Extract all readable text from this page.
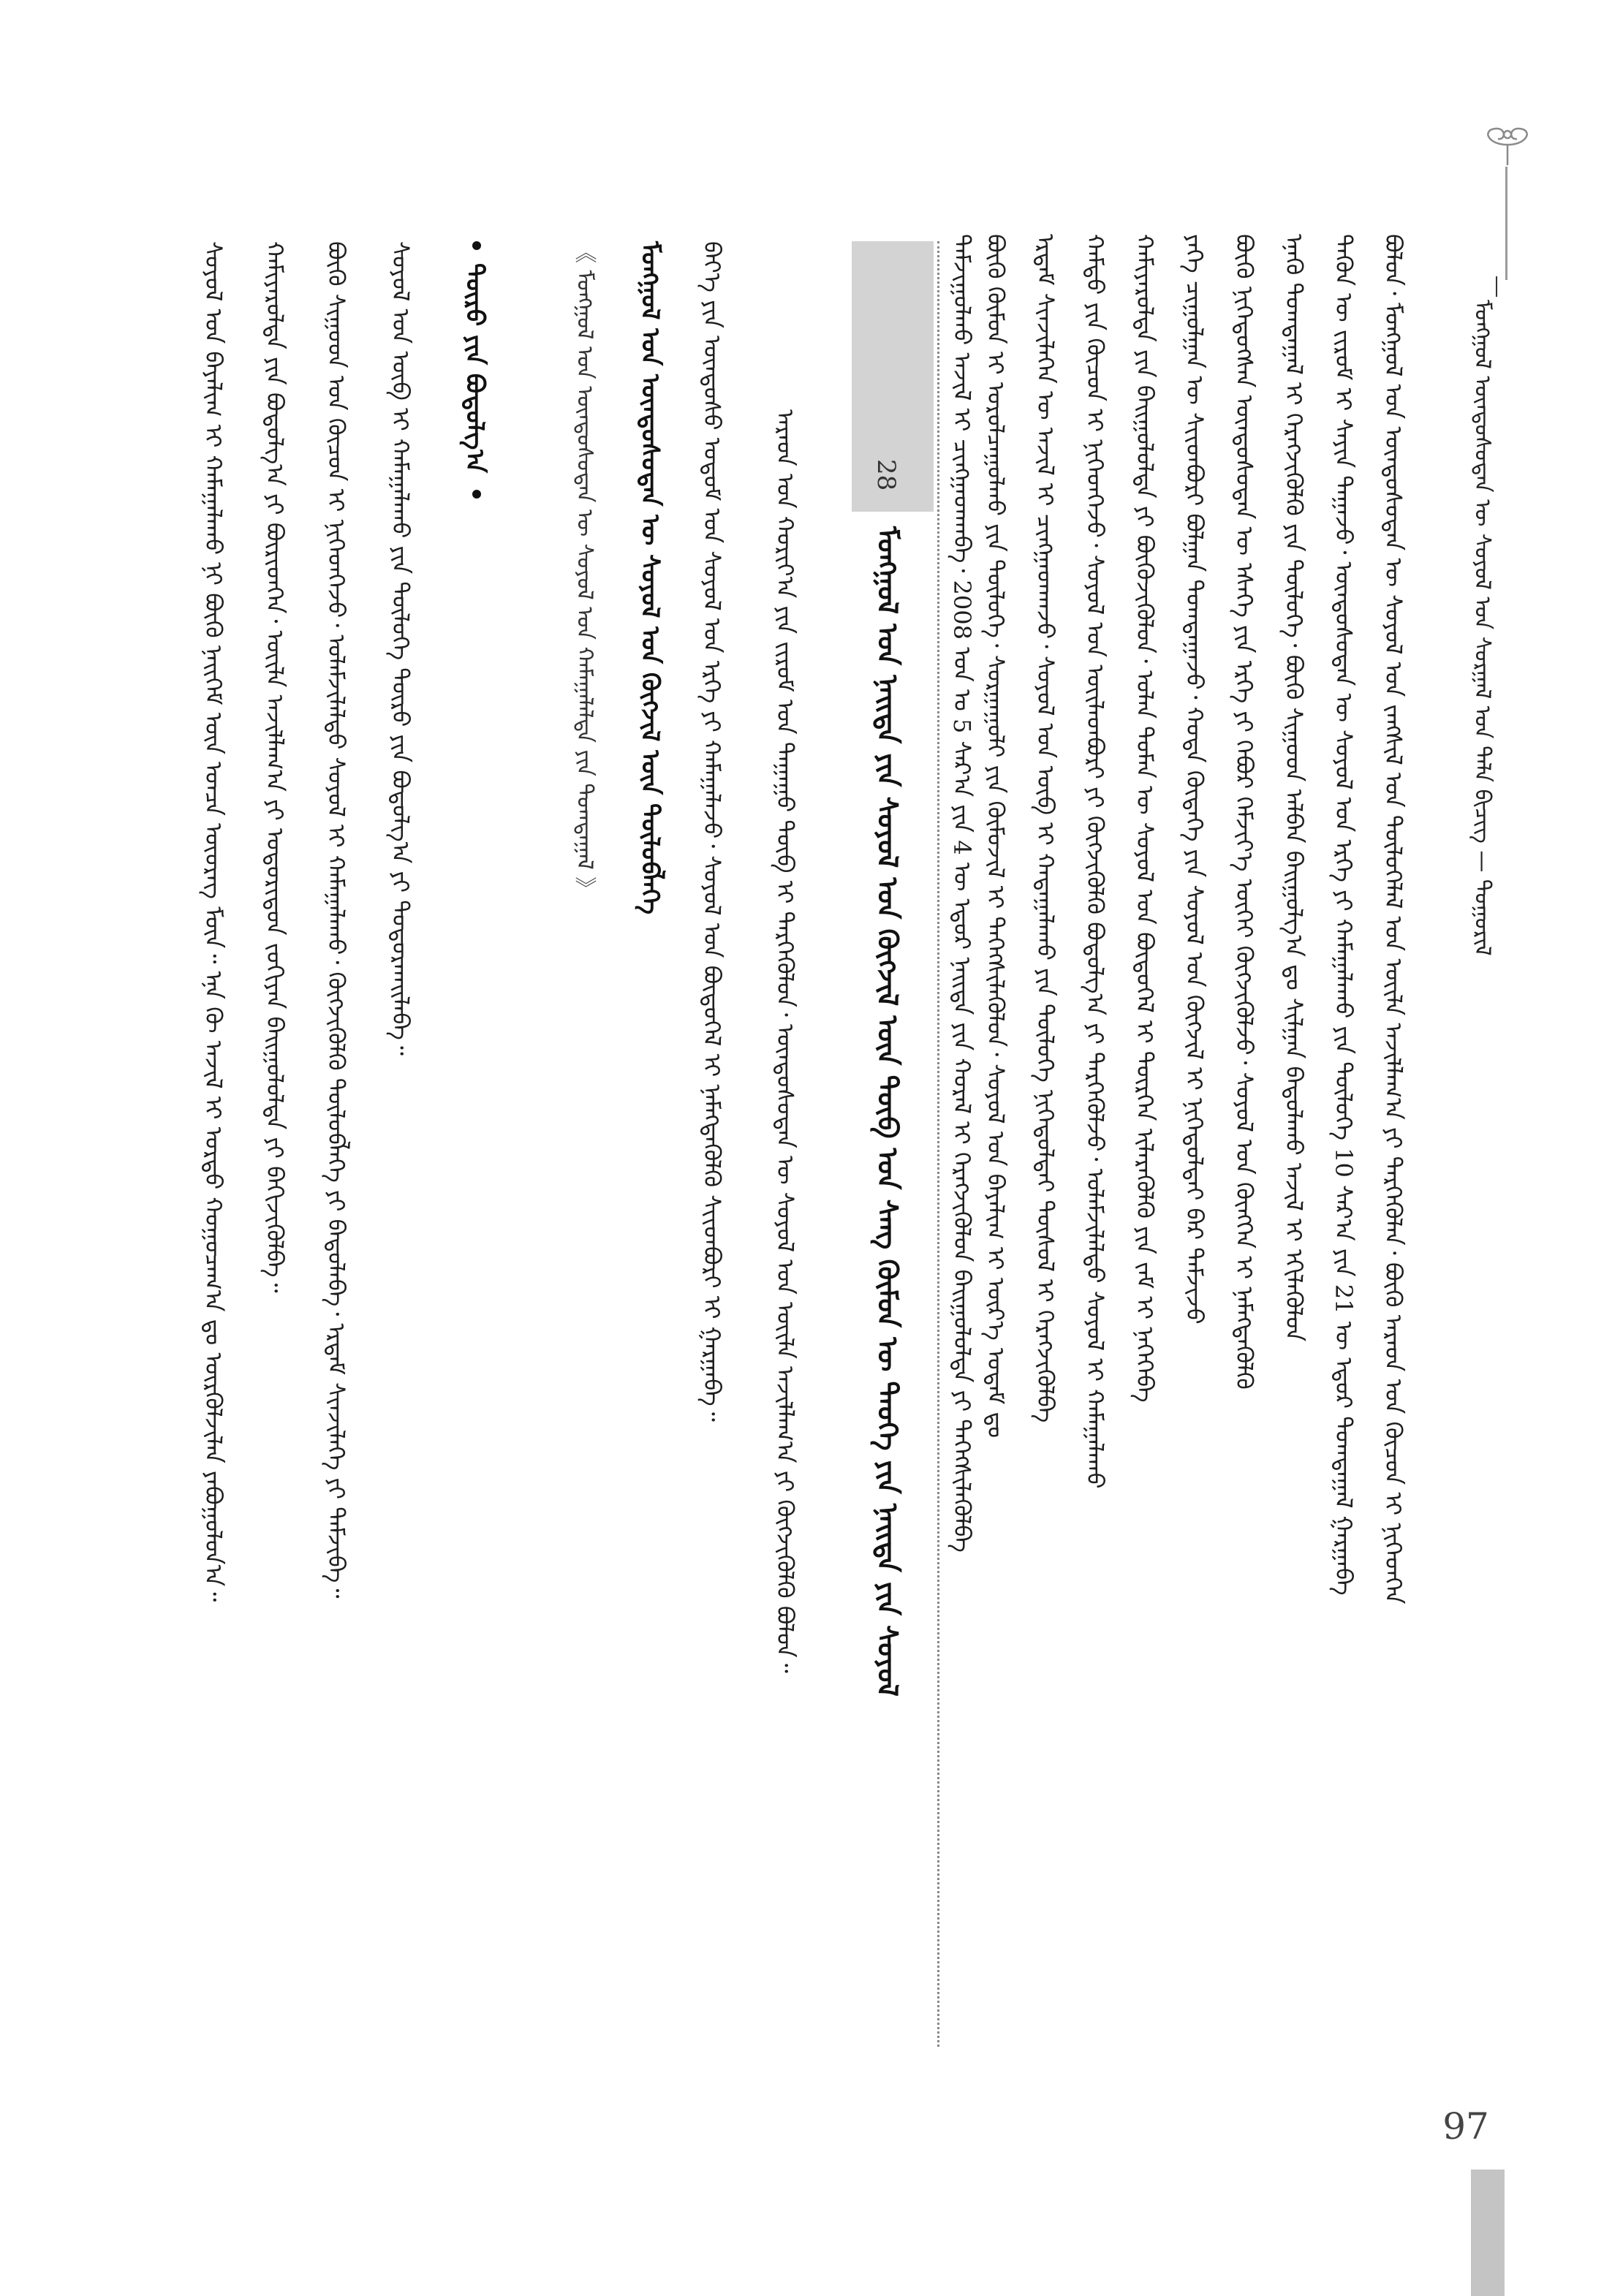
ᠮᠣᠩᠭᠣᠯ ᠦᠨᠳᠦᠰᠦᠲᠡᠨ ᠦ ᠰᠣᠶᠣᠯ ᠤᠨ ᠰᠤᠷᠭᠠᠯ ᠤᠨ ᠲᠡᠯᠡ ᠪᠢᠴᠢᠭ — ᠲᠤᠭᠤᠷᠢᠯ
ᠪᠣᠯᠤᠨ᠂ ᠮᠣᠩᠭᠣᠯ ᠤᠨ ᠦᠨᠳᠦᠰᠦᠲᠡᠨ ᠦ ᠰᠣᠶᠣᠯ ᠤᠨ ᠵᠠᠩᠱᠢᠯ ᠤᠨ ᠲᠥᠯᠦᠭᠡᠯᠡᠯ ᠤᠨ ᠦᠢᠯᠡ ᠠᠵᠢᠯᠯᠠᠭ᠎ᠠ ᠶᠢ ᠲᠡᠷᠭᠡᠭᠦᠯᠡᠨ᠂ ᠪᠦᠬᠦ ᠠᠷᠠᠳ ᠤᠨ ᠬᠦᠴᠦᠨ ᠢ ᠨᠢᠭᠡᠳᠬᠡᠨ
ᠲᠡᠭᠦᠨ ᠦ ᠵᠢᠷᠤᠮ ᠢ ᠰᠠᠶᠢᠨ ᠳᠠᠭᠠᠵᠤ᠂ ᠦᠨᠳᠦᠰᠦᠲᠡᠨ ᠦ ᠰᠣᠶᠣᠯ ᠤᠨ ᠡᠷᠬᠡ ᠶᠢ ᠬᠠᠮᠠᠭᠠᠯᠠᠬᠤ ᠶᠢᠨ ᠲᠥᠯᠦᠭᠡ 10 ᠰᠠᠷ᠎ᠠ ᠶᠢᠨ 21 ᠦ ᠡᠳᠦᠷ ᠲᠣᠭᠲᠠᠭᠠᠯ ᠭᠠᠷᠭᠠᠪᠠ
ᠡᠨᠡᠬᠦ ᠲᠣᠭᠲᠠᠭᠠᠯ ᠢ ᠬᠡᠷᠡᠭᠵᠢᠭᠦᠯᠬᠦ ᠶᠢᠨ ᠲᠥᠯᠦᠭᠡ᠂ ᠪᠦᠬᠦ ᠰᠢᠭᠤᠳ ᠠᠯᠪᠠᠨ ᠪᠠᠢᠭᠤᠯᠭ᠎ᠠ ᠳᠤ ᠰᠢᠯᠭᠠᠨ ᠪᠠᠲᠤᠯᠠᠬᠤ ᠠᠵᠢᠯ ᠢ ᠡᠬᠢᠯᠡᠬᠦᠯᠦᠨ
ᠪᠦᠬᠦ ᠨᠢᠭᠡᠳᠦᠭᠰᠡᠨ ᠦᠨᠳᠦᠰᠦᠲᠡᠨ ᠦ ᠡᠰᠡᠭᠡ ᠶᠢᠨ ᠡᠷᠬᠡ ᠶᠢ ᠬᠡᠪᠦᠷ ᠬᠡᠮᠵᠢᠶ᠎ᠡ ᠦᠭᠡᠢ ᠬᠥᠭᠵᠢᠭᠦᠯᠵᠦ᠂ ᠰᠣᠶᠣᠯ ᠤᠨ ᠬᠥᠩᠭᠡᠨ ᠢ ᠨᠡᠮᠡᠭᠳᠡᠭᠦᠯᠬᠦ
ᠶᠡᠬᠡ ᠴᠢᠭᠤᠯᠭᠠᠨ ᠦ ᠰᠢᠢᠳᠪᠦᠷᠢ ᠪᠣᠯᠭᠠᠨ ᠲᠣᠭᠲᠠᠭᠠᠵᠤ᠂ ᠬᠣᠲᠠ ᠬᠥᠳᠡᠭᠡ ᠶᠢᠨ ᠰᠣᠶᠣᠯ ᠤᠨ ᠬᠥᠭᠵᠢᠯ ᠢ ᠨᠢᠭᠡᠳᠦᠯᠲᠡᠢ ᠪᠠᠷ ᠳᠡᠮᠵᠢᠵᠦ
ᠬᠠᠮᠢᠶᠠᠷᠤᠯᠲᠠ ᠶᠢᠨ ᠪᠠᠢᠭᠤᠯᠤᠯᠲᠠ ᠶᠢ ᠪᠥᠬᠦᠵᠢᠭᠦᠯᠦᠨ᠂ ᠣᠯᠠᠨ ᠲᠤᠮᠠᠨ ᠦ ᠰᠣᠶᠣᠯ ᠤᠨ ᠪᠦᠲᠦᠭᠡᠯ ᠢ ᠲᠦᠷᠭᠡᠨ ᠢᠯᠡᠷᠡᠭᠦᠯᠬᠦ ᠶᠢᠨ ᠵᠠᠮ ᠢ ᠨᠡᠭᠡᠭᠡᠪᠡ
ᠬᠠᠮᠲᠤ ᠶᠢᠨ ᠬᠦᠴᠦᠨ ᠢ ᠨᠢᠭᠡᠳᠬᠡᠵᠦ᠂ ᠰᠣᠶᠣᠯ ᠤᠨ ᠦᠢᠯᠡᠳᠪᠦᠷᠢ ᠶᠢ ᠬᠥᠭᠵᠢᠭᠦᠯᠬᠦ ᠪᠣᠳᠤᠯᠭ᠎ᠠ ᠶᠢ ᠲᠡᠷᠭᠡᠭᠦᠯᠵᠦ᠂ ᠤᠯᠠᠮᠵᠢᠯᠠᠯᠲᠤ ᠰᠣᠶᠣᠯ ᠢ ᠬᠠᠮᠠᠭᠠᠯᠠᠬᠤ
ᠡᠷᠳᠡᠮ ᠰᠢᠨᠵᠢᠯᠡᠭᠡᠨ ᠦ ᠠᠵᠢᠯ ᠢ ᠴᠢᠩᠭᠠᠳᠬᠠᠵᠤ᠂ ᠰᠣᠶᠣᠯ ᠤᠨ ᠥᠪ ᠢ ᠬᠠᠳᠠᠭᠠᠯᠠᠬᠤ ᠶᠢᠨ ᠲᠥᠯᠦᠭᠡ ᠨᠢᠭᠡᠳᠦᠯᠲᠡᠢ ᠲᠥᠰᠦᠯ ᠢ ᠬᠡᠷᠡᠭᠵᠢᠭᠦᠯᠪᠡ
ᠪᠦᠬᠦ ᠬᠦᠮᠦᠨ ᠢ ᠣᠷᠤᠯᠴᠠᠭᠤᠯᠬᠤ ᠶᠢᠨ ᠲᠥᠯᠦᠭᠡ᠂ ᠰᠤᠷᠭᠠᠭᠤᠯᠢ ᠶᠢᠨ ᠬᠥᠮᠥᠵᠢᠯ ᠢ ᠳᠡᠭᠡᠭᠰᠢᠯᠡᠭᠦᠯᠦᠨ᠂ ᠰᠣᠶᠣᠯ ᠤᠨ ᠪᠠᠶᠠᠯᠢᠭ ᠢ ᠦᠷ᠎ᠡ ᠤᠳᠠᠮ ᠳᠤ
ᠳᠠᠮᠵᠢᠭᠤᠯᠬᠤ ᠠᠵᠢᠯ ᠢ ᠴᠢᠩᠭᠠᠳᠬᠠᠪᠠ᠂ 2008 ᠣᠨ ᠤ 5 ᠰᠠᠷ᠎ᠠ ᠶᠢᠨ 4 ᠦ ᠡᠳᠦᠷ ᠨᠡᠢᠲᠡ ᠶᠢᠨ ᠬᠤᠷᠠᠯ ᠢ ᠬᠡᠷᠡᠭᠵᠢᠭᠦᠯᠦᠨ ᠪᠠᠢᠭᠤᠯᠤᠯᠲᠠ ᠶᠢ ᠳᠡᠭᠡᠭᠰᠢᠯᠡᠭᠦᠯᠪᠡ
28
ᠮᠣᠩᠭᠣᠯ ᠤᠨ ᠨᠡᠢᠲᠡ ᠶᠢᠨ ᠰᠣᠶᠣᠯ ᠤᠨ ᠬᠥᠭᠵᠢᠯ ᠦᠨ ᠲᠥᠪ ᠤᠨ ᠰᠠᠩ ᠬᠦᠮᠦᠨ ᠦ ᠲᠡᠦᠬᠡ ᠶᠢᠨ ᠨᠡᠢᠲᠡ ᠶᠢᠨ ᠰᠣᠶᠣᠯ
ᠠᠷᠠᠳ ᠤᠨ ᠬᠣᠷᠢᠶ᠎ᠠ ᠶᠢᠨ ᠵᠢᠷᠤᠮ ᠤᠨ ᠳᠠᠭᠠᠭᠤ ᠲᠥᠪ ᠢ ᠲᠡᠷᠭᠡᠭᠦᠯᠦᠨ᠂ ᠦᠨᠳᠦᠰᠦᠲᠡᠨ ᠦ ᠰᠣᠶᠣᠯ ᠤᠨ ᠦᠢᠯᠡ ᠠᠵᠢᠯᠯᠠᠭ᠎ᠠ ᠶᠢ ᠬᠥᠭᠵᠢᠭᠦᠯᠬᠦ ᠪᠣᠯᠤᠨ᠃
ᠪᠡᠶ᠎ᠡ ᠶᠢᠨ ᠦᠨᠳᠦᠰᠦ ᠤᠳᠤᠮ ᠤᠨ ᠰᠣᠶᠣᠯ ᠤᠨ ᠡᠷᠬᠡ ᠶᠢ ᠬᠠᠮᠠᠭᠠᠯᠠᠵᠤ᠂ ᠰᠣᠶᠣᠯ ᠤᠨ ᠪᠦᠲᠦᠭᠡᠯ ᠢ ᠨᠡᠮᠡᠭᠳᠡᠭᠦᠯᠬᠦ ᠰᠢᠢᠳᠪᠦᠷᠢ ᠢ ᠭᠠᠷᠭᠠᠪᠠ᠃
ᠮᠣᠩᠭᠣᠯ ᠤᠨ ᠦᠨᠳᠦᠰᠦᠲᠡᠨ ᠦ ᠰᠣᠶᠣᠯ ᠤᠨ ᠬᠥᠭᠵᠢᠯ ᠦᠨ ᠲᠥᠯᠦᠪᠯᠡᠭᠡ
《 ᠮᠣᠩᠭᠣᠯ ᠤᠨ ᠦᠨᠳᠦᠰᠦᠲᠡᠨ ᠦ ᠰᠣᠶᠣᠯ ᠤᠨ ᠬᠠᠮᠠᠭᠠᠯᠠᠯᠲᠠ ᠶᠢᠨ ᠲᠣᠭᠲᠠᠭᠠᠯ 》
ᠲᠥᠷᠥ ᠶᠢᠨ ᠪᠣᠳᠤᠯᠭ᠎ᠠ
ᠰᠣᠶᠣᠯ ᠤᠨ ᠥᠪ ᠢ ᠬᠠᠮᠠᠭᠠᠯᠠᠬᠤ ᠶᠢᠨ ᠲᠥᠯᠦᠭᠡ ᠲᠥᠷᠥ ᠶᠢᠨ ᠪᠣᠳᠤᠯᠭ᠎ᠠ ᠶᠢ ᠲᠣᠳᠤᠷᠬᠠᠢᠯᠠᠪᠠ᠃
ᠪᠦᠬᠦ ᠰᠢᠭᠤᠳ ᠤᠨ ᠬᠦᠴᠦᠨ ᠢ ᠨᠢᠭᠡᠳᠬᠡᠵᠦ᠂ ᠤᠯᠠᠮᠵᠢᠯᠠᠯᠲᠤ ᠰᠣᠶᠣᠯ ᠢ ᠬᠠᠮᠠᠭᠠᠯᠠᠬᠤ᠂ ᠬᠥᠭᠵᠢᠭᠦᠯᠬᠦ ᠲᠥᠯᠦᠪᠯᠡᠭᠡ ᠶᠢ ᠪᠠᠲᠤᠯᠠᠪᠠ᠂ ᠡᠷᠳᠡᠮ ᠰᠢᠨᠵᠢᠯᠡᠭᠡ ᠶᠢ ᠳᠡᠮᠵᠢᠪᠡ᠃
ᠬᠠᠮᠢᠶᠠᠷᠤᠯᠲᠠ ᠶᠢᠨ ᠪᠣᠳᠤᠯᠭ᠎ᠠ ᠶᠢ ᠪᠦᠷᠢᠳᠬᠡᠨ᠂ ᠦᠢᠯᠡ ᠠᠵᠢᠯᠯᠠᠭ᠎ᠠ ᠶᠢ ᠤᠳᠤᠷᠢᠳᠤᠨ ᠵᠣᠬᠢᠶᠠᠨ ᠪᠠᠢᠭᠤᠯᠤᠯᠲᠠ ᠶᠢ ᠪᠡᠬᠢᠵᠢᠭᠦᠯᠪᠡ᠃
ᠰᠣᠶᠣᠯ ᠤᠨ ᠪᠠᠶᠠᠯᠢᠭ ᠢ ᠬᠠᠮᠠᠭᠠᠯᠠᠬᠤ ᠨᠢ ᠪᠦᠬᠦ ᠨᠡᠢᠭᠡᠮ ᠦᠨ ᠣᠨᠴᠠ ᠦᠦᠷᠡᠭ ᠮᠥᠨ᠃ ᠡᠨᠡ ᠬᠦ ᠠᠵᠢᠯ ᠢ ᠤᠷᠲᠤ ᠬᠤᠭᠤᠴᠠᠭ᠎ᠠ ᠳᠤ ᠦᠷᠭᠦᠯᠵᠢᠯᠡᠨ ᠶᠠᠪᠤᠭᠤᠯᠤᠨ᠎ᠠ᠃
97
